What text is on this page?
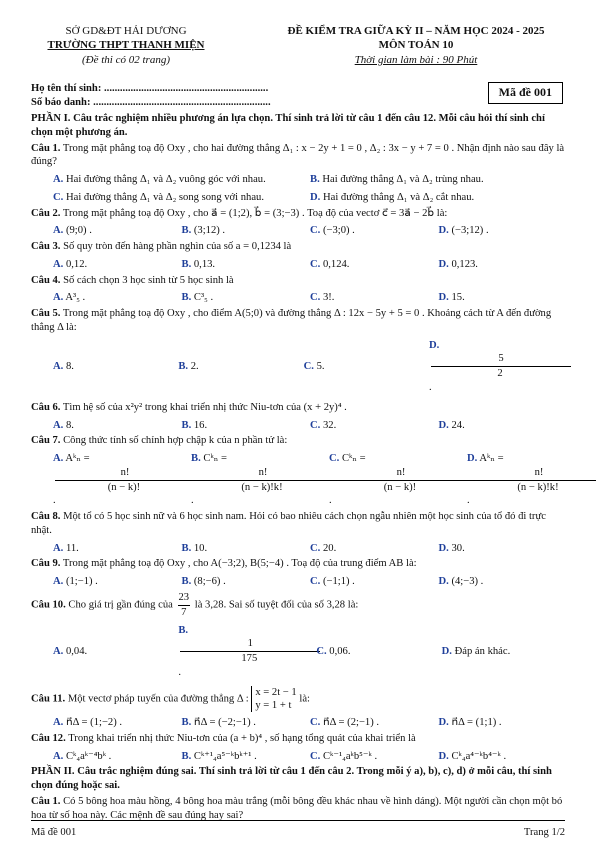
SỞ GD&ĐT HẢI DƯƠNG
TRƯỜNG THPT THANH MIỆN
(Đề thi có 02 trang)
ĐỀ KIỂM TRA GIỮA KỲ II – NĂM HỌC 2024 - 2025
MÔN TOÁN 10
Thời gian làm bài : 90 Phút
Họ tên thí sinh: ..............................................................
Số báo danh: ...................................................................
Mã đề 001

PHẦN I. Câu trắc nghiệm nhiều phương án lựa chọn. Thí sinh trả lời từ câu 1 đến câu 12. Mỗi câu hỏi thí sinh chỉ chọn một phương án.

Câu 1. Trong mặt phẳng toạ độ Oxy , cho hai đường thẳng Δ₁ : x − 2y + 1 = 0 , Δ₂ : 3x − y + 7 = 0 . Nhận định nào sau đây là đúng?

A. Hai đường thẳng Δ₁ và Δ₂ vuông góc với nhau.	B. Hai đường thẳng Δ₁ và Δ₂ trùng nhau.
C. Hai đường thẳng Δ₁ và Δ₂ song song với nhau.	D. Hai đường thẳng Δ₁ và Δ₂ cắt nhau.

Câu 2. Trong mặt phẳng toạ độ Oxy , cho a⃗ = (1;2), b⃗ = (3;−3) . Toạ độ của vectơ c⃗ = 3a⃗ − 2b⃗ là:

A. (9;0) .	B. (3;12) .	C. (−3;0) .	D. (−3;12) .

Câu 3. Số quy tròn đến hàng phần nghìn của số a = 0,1234 là

A. 0,12.	B. 0,13.	C. 0,124.	D. 0,123.

Câu 4. Số cách chọn 3 học sinh từ 5 học sinh là

A. A³₅ .	B. C³₅ .	C. 3!.	D. 15.

Câu 5. Trong mặt phẳng toạ độ Oxy , cho điểm A(5;0) và đường thẳng Δ : 12x − 5y + 5 = 0 . Khoảng cách từ A đến đường thẳng Δ là:

A. 8.	B. 2.	C. 5.
D.
5
2
.

Câu 6. Tìm hệ số của x²y² trong khai triển nhị thức Niu-tơn của (x + 2y)⁴ .

A. 8.	B. 16.	C. 32.	D. 24.

Câu 7. Công thức tính số chỉnh hợp chập k của n phần tử là:

A. Aᵏₙ =
n!
(n − k)!
.
B. Cᵏₙ =
n!
(n − k)!k!
.
C. Cᵏₙ =
n!
(n − k)!
.
D. Aᵏₙ =
n!
(n − k)!k!
.

Câu 8. Một tổ có 5 học sinh nữ và 6 học sinh nam. Hỏi có bao nhiêu cách chọn ngẫu nhiên một học sinh của tổ đó đi trực nhật.

A. 11.	B. 10.	C. 20.	D. 30.

Câu 9. Trong mặt phẳng toạ độ Oxy , cho A(−3;2), B(5;−4) . Toạ độ của trung điểm AB là:

A. (1;−1) .	B. (8;−6) .	C. (−1;1) .	D. (4;−3) .

Câu 10. Cho giá trị gần đúng của $\frac{23}{7}$ là 3,28. Sai số tuyệt đối của số 3,28 là:

A. 0,04.
B.
1
175
.
C. 0,06.	D. Đáp án khác.

Câu 11. Một vectơ pháp tuyến của đường thẳng Δ :
x = 2t − 1
y = 1 + t
là:

A. n⃗Δ = (1;−2) .	B. n⃗Δ = (−2;−1) .	C. n⃗Δ = (2;−1) .	D. n⃗Δ = (1;1) .

Câu 12. Trong khai triển nhị thức Niu-tơn của (a + b)⁴ , số hạng tổng quát của khai triển là

A. Cᵏ₄aᵏ⁻⁴bᵏ .	B. Cᵏ⁺¹₄a⁵⁻ᵏbᵏ⁺¹ .	C. Cᵏ⁻¹₄aᵏb⁵⁻ᵏ .	D. Cᵏ₄a⁴⁻ᵏb⁴⁻ᵏ .

PHẦN II. Câu trắc nghiệm đúng sai. Thí sinh trả lời từ câu 1 đến câu 2. Trong mỗi ý a), b), c), d) ở mỗi câu, thí sinh chọn đúng hoặc sai.

Câu 1. Có 5 bông hoa màu hồng, 4 bông hoa màu trắng (mỗi bông đều khác nhau về hình dáng). Một người cần chọn một bó hoa từ số hoa này. Các mệnh đề sau đúng hay sai?

Mã đề 001	Trang 1/2
